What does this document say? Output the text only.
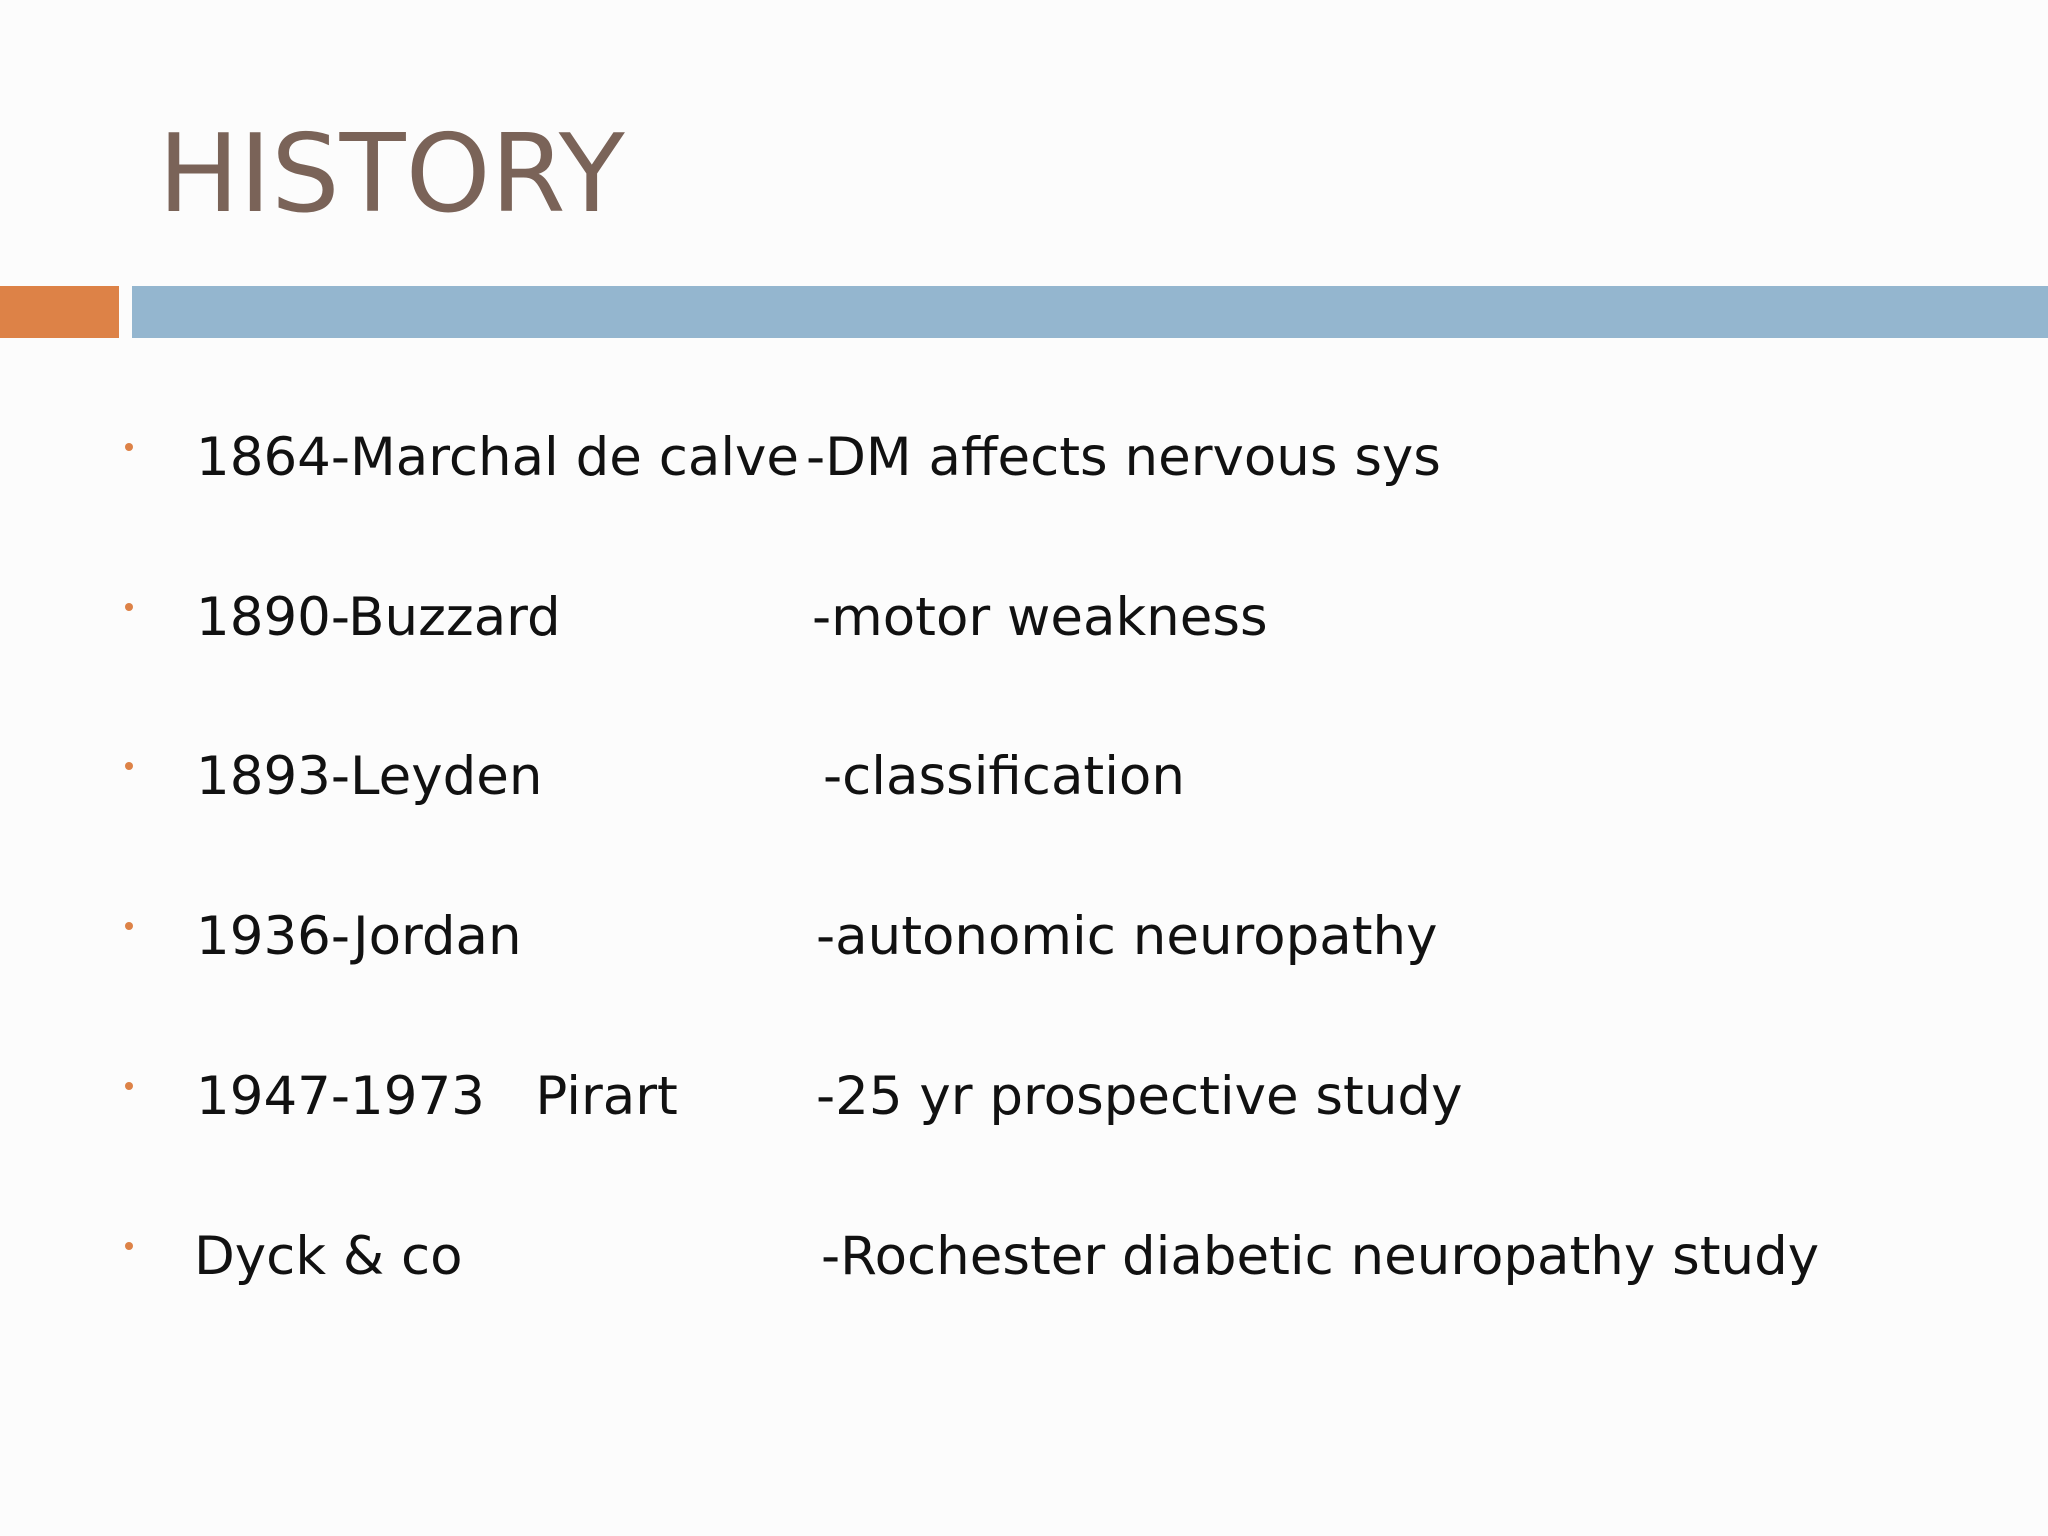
HISTORY
1864-Marchal de calve -DM affects nervous sys
1890-Buzzard	-motor weakness
1893-Leyden	-classification
1936-Jordan	-autonomic neuropathy
1947-1973   Pirart	-25 yr prospective study
Dyck & co	-Rochester diabetic neuropathy study
